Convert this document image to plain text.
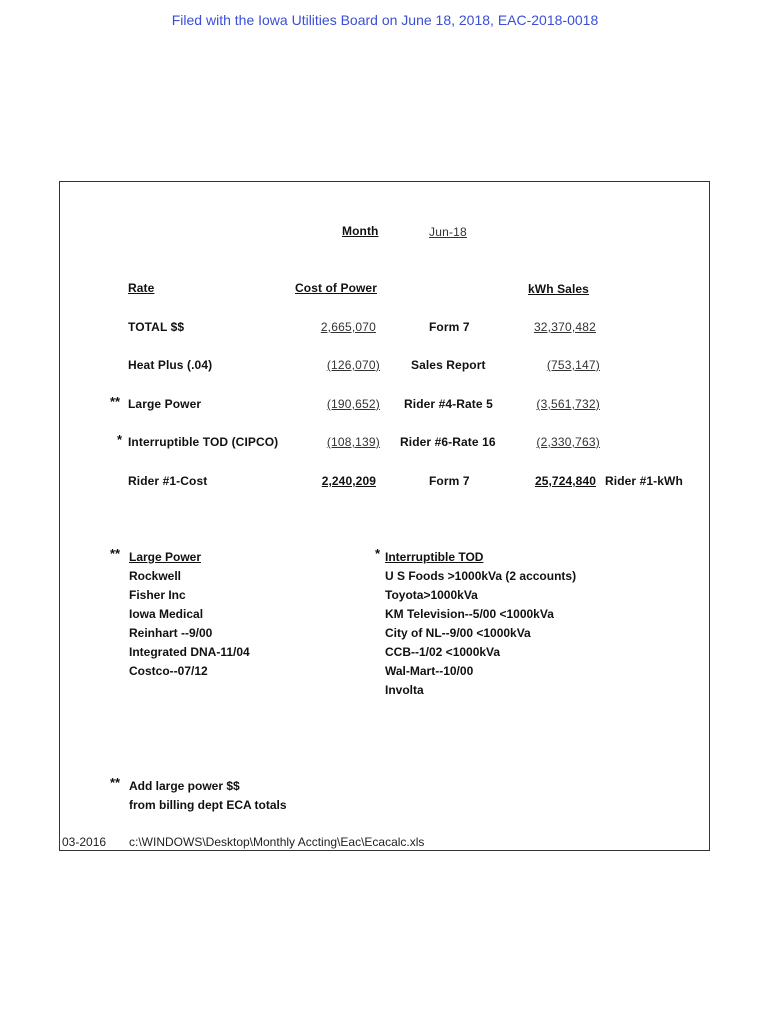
Filed with the Iowa Utilities Board on June 18, 2018, EAC-2018-0018
Month	Jun-18
Rate	Cost of Power	kWh Sales
TOTAL $$	2,665,070	Form 7	32,370,482
Heat Plus (.04)	(126,070)	Sales Report	(753,147)
** Large Power	(190,652) Rider #4-Rate 5	(3,561,732)
* Interruptible TOD (CIPCO)	(108,139) Rider #6-Rate 16	(2,330,763)
Rider #1-Cost	2,240,209	Form 7	25,724,840 Rider #1-kWh
** Large Power
Rockwell
Fisher Inc
Iowa Medical
Reinhart --9/00
Integrated DNA-11/04
Costco--07/12
* Interruptible TOD
U S Foods >1000kVa (2 accounts)
Toyota>1000kVa
KM Television--5/00 <1000kVa
City of NL--9/00 <1000kVa
CCB--1/02 <1000kVa
Wal-Mart--10/00
Involta
** Add large power $$
from billing dept ECA totals
03-2016 c:\WINDOWS\Desktop\Monthly Accting\Eac\Ecacalc.xls
